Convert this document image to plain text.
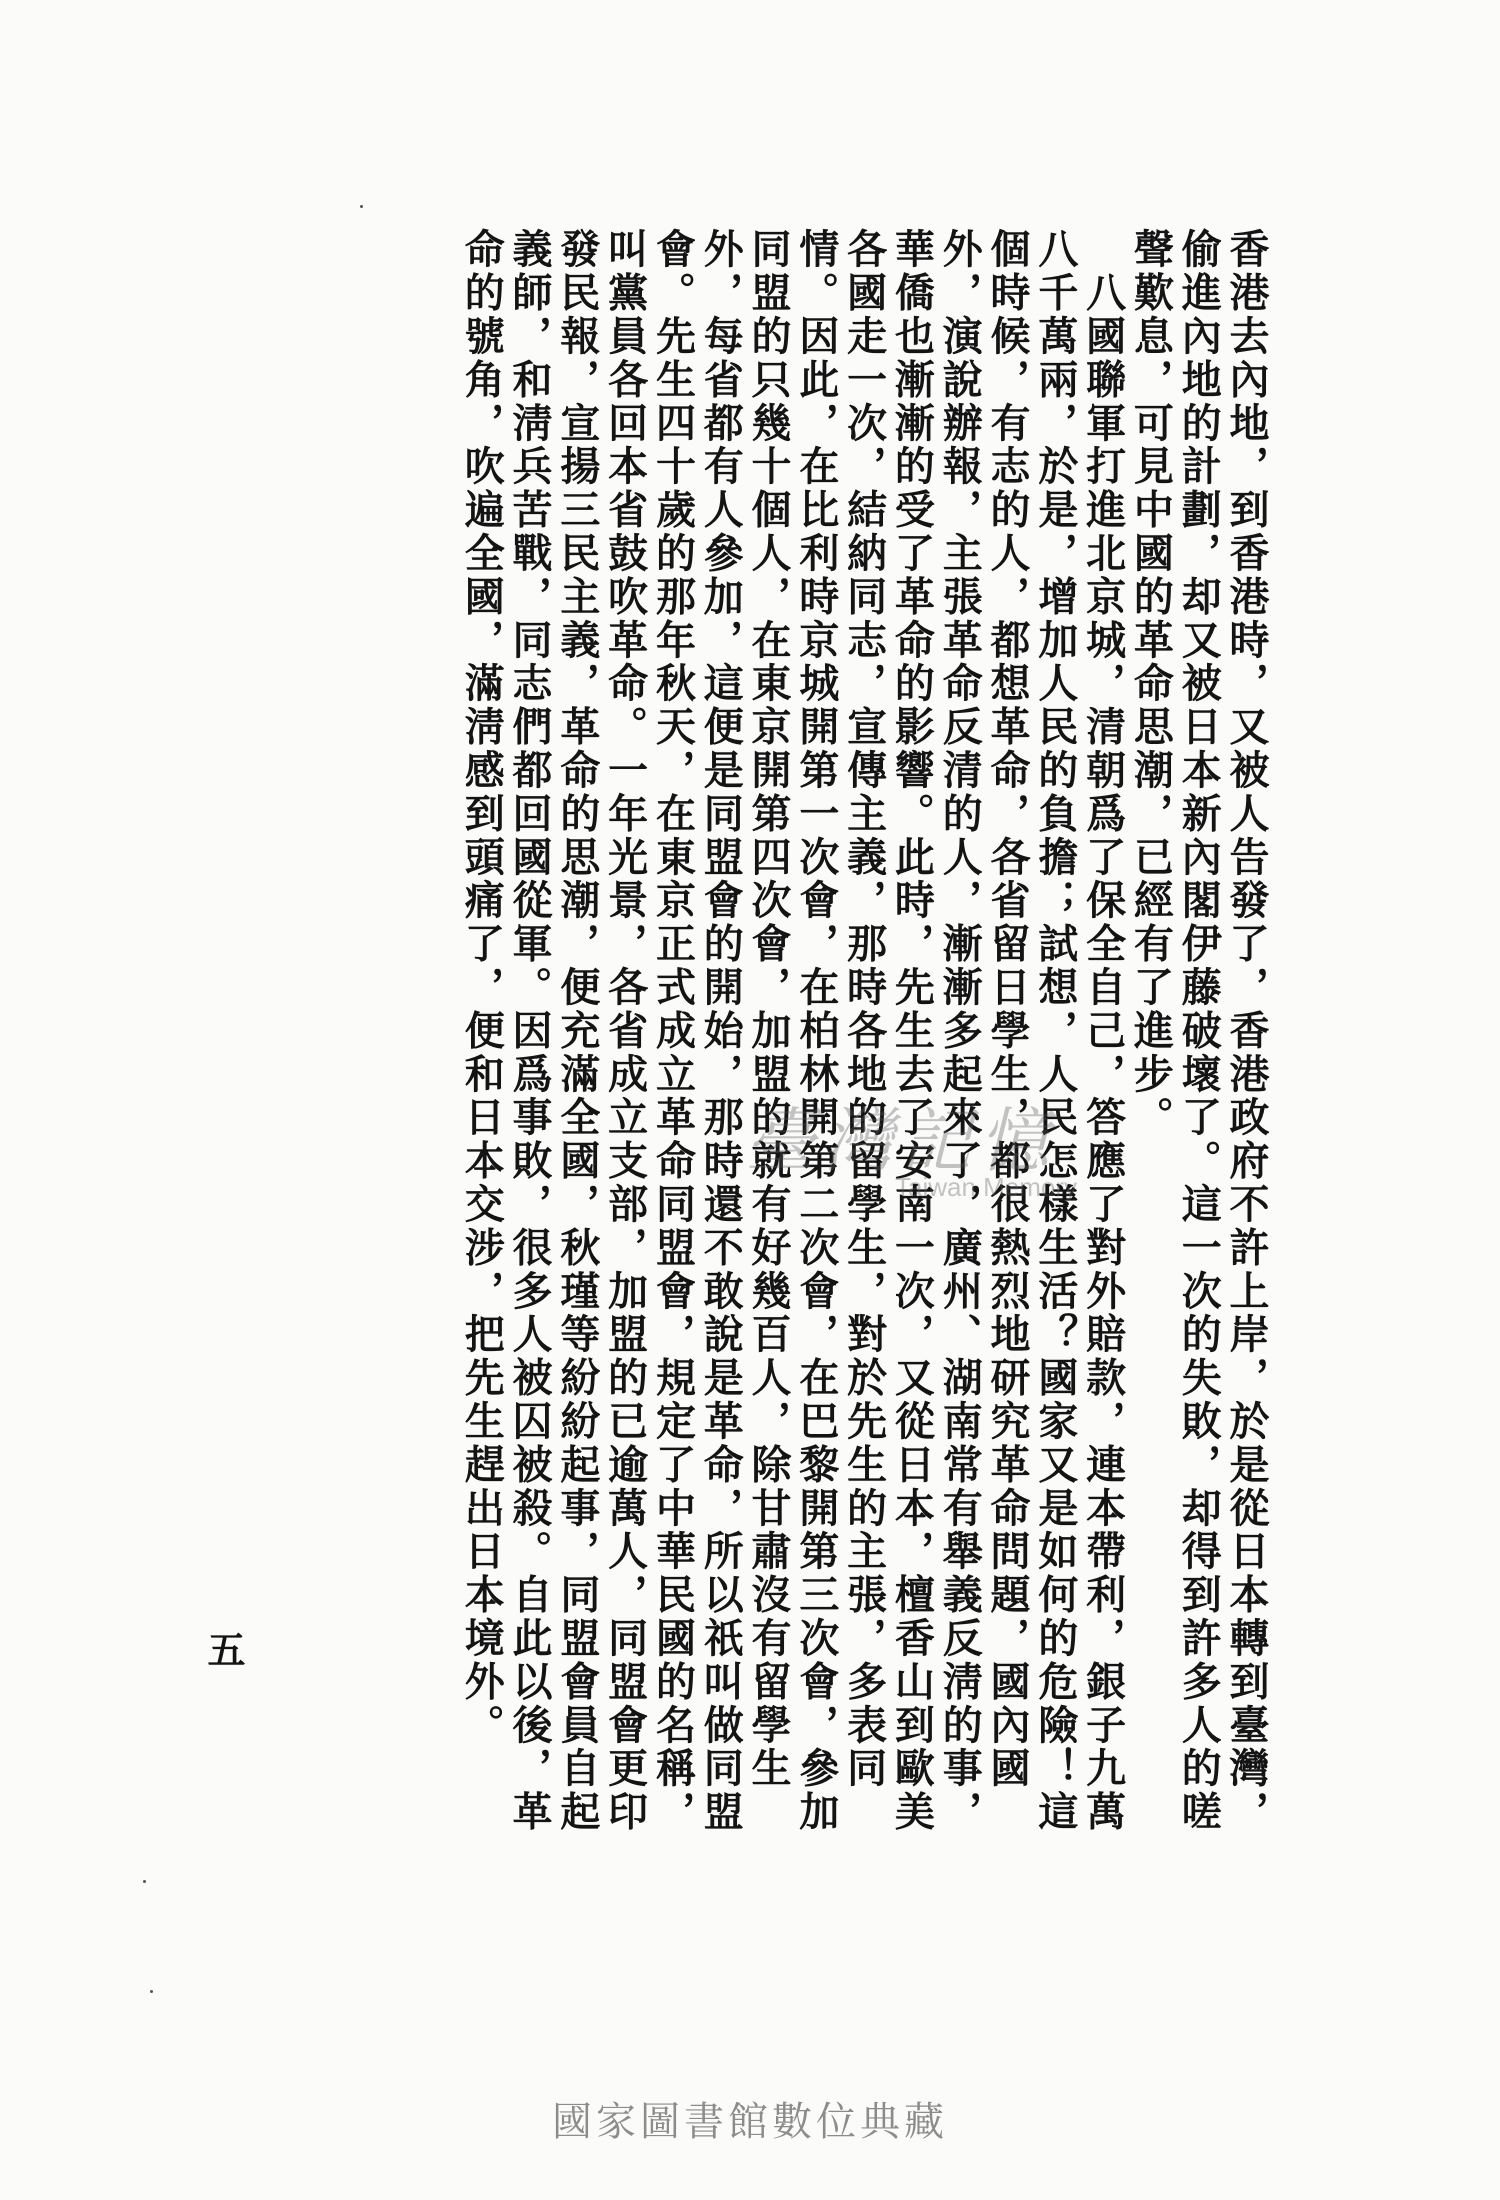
香港去內地，到香港時，又被人告發了，香港政府不許上岸，於是從日本轉到臺灣，偷進內地的計劃，却又被日本新內閣伊藤破壞了。這一次的失敗，却得到許多人的嗟聲歎息，可見中國的革命思潮，已經有了進步。

　八國聯軍打進北京城，清朝爲了保全自己，答應了對外賠款，連本帶利，銀子九萬八千萬兩，於是，增加人民的負擔；試想，人民怎樣生活？國家又是如何的危險！這個時候，有志的人，都想革命，各省留日學生，都很熱烈地研究革命問題，國內國外，演說辦報，主張革命反清的人，漸漸多起來了，廣州、湖南常有舉義反淸的事，華僑也漸漸的受了革命的影響。此時，先生去了安南一次，又從日本，檀香山到歐美各國走一次，結納同志，宣傳主義，那時各地的留學生，對於先生的主張，多表同情。因此，在比利時京城開第一次會，在柏林開第二次會，在巴黎開第三次會，參加同盟的只幾十個人，在東京開第四次會，加盟的就有好幾百人，除甘肅沒有留學生外，每省都有人參加，這便是同盟會的開始，那時還不敢說是革命，所以祇叫做同盟會。先生四十歲的那年秋天，在東京正式成立革命同盟會，規定了中華民國的名稱，叫黨員各回本省鼓吹革命。一年光景，各省成立支部，加盟的已逾萬人，同盟會更印發民報，宣揚三民主義，革命的思潮，便充滿全國，秋瑾等紛紛起事，同盟會員自起義師，和淸兵苦戰，同志們都回國從軍。因爲事敗，很多人被囚被殺。自此以後，革命的號角，吹遍全國，滿淸感到頭痛了，便和日本交涉，把先生趕出日本境外。

五
臺灣記憶
Taiwan Memory
國家圖書館數位典藏
